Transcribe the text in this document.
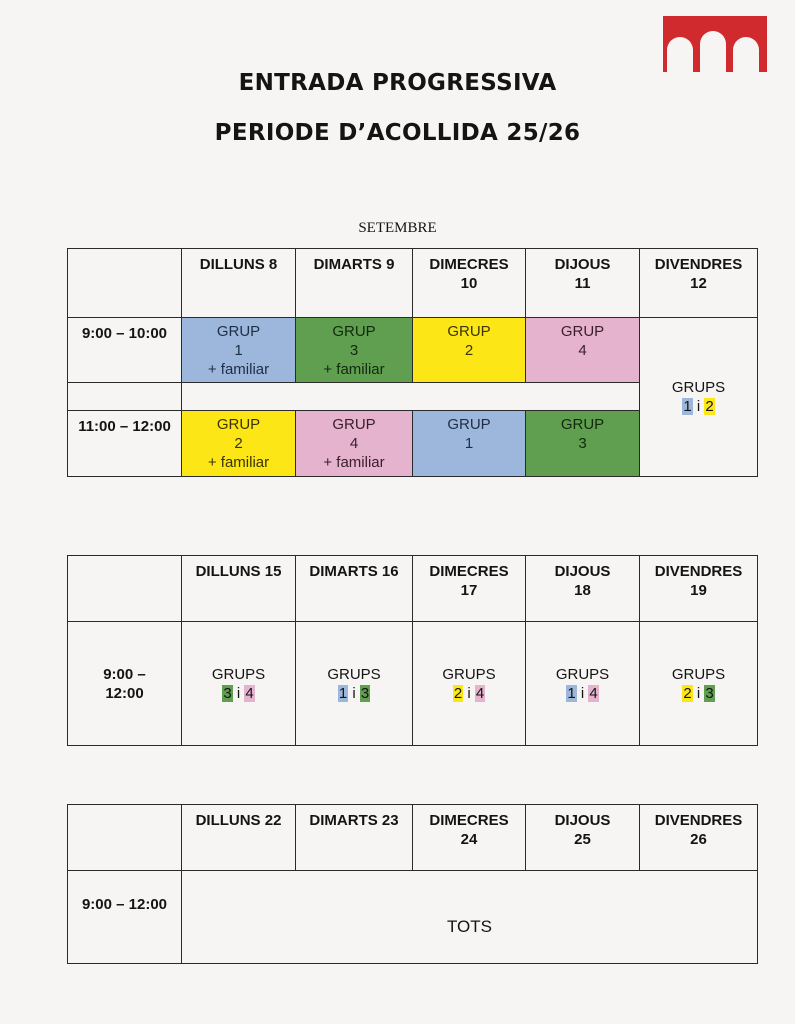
ENTRADA PROGRESSIVA
PERIODE D’ACOLLIDA 25/26
SETEMBRE
	DILLUNS 8	DIMARTS 9	DIMECRES
10	DIJOUS
11	DIVENDRES
12
9:00 – 10:00	GRUP
1
+ familiar	GRUP
3
+ familiar	GRUP
2	GRUP
4	GRUPS
1 i 2

11:00 – 12:00	GRUP
2
+ familiar	GRUP
4
+ familiar	GRUP
1	GRUP
3	
	DILLUNS 15	DIMARTS 16	DIMECRES
17	DIJOUS
18	DIVENDRES
19
9:00 –
12:00	GRUPS
3 i 4	GRUPS
1 i 3	GRUPS
2 i 4	GRUPS
1 i 4	GRUPS
2 i 3
	DILLUNS 22	DIMARTS 23	DIMECRES
24	DIJOUS
25	DIVENDRES
26
9:00 – 12:00	TOTS				
